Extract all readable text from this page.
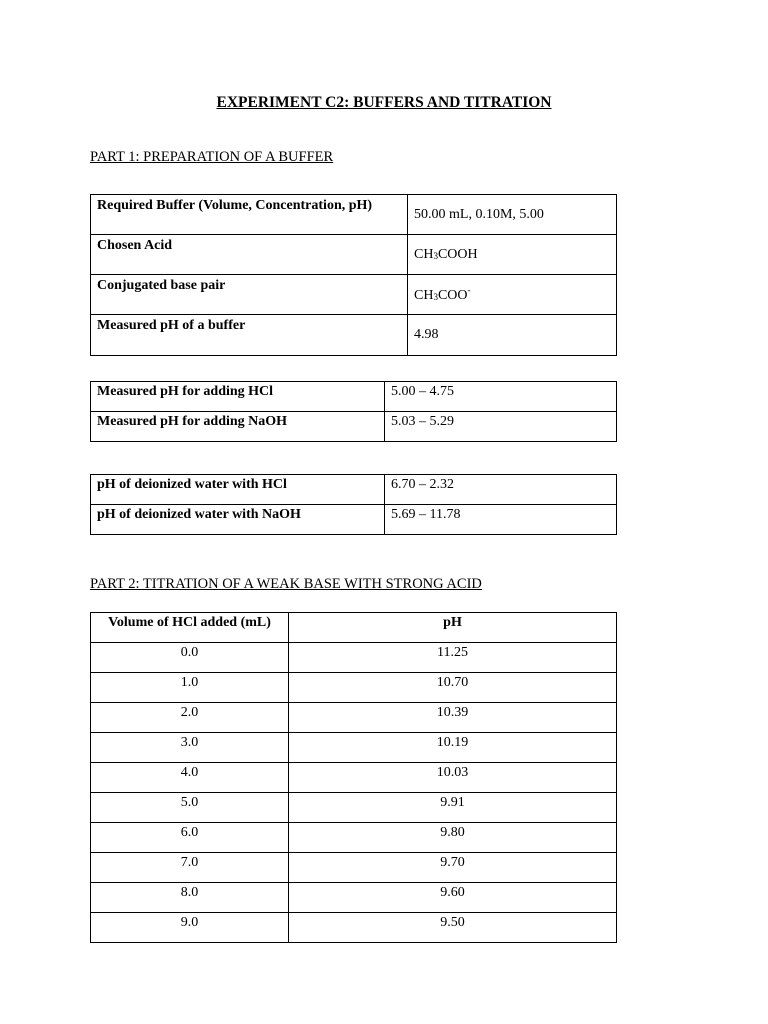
EXPERIMENT C2: BUFFERS AND TITRATION
PART 1: PREPARATION OF A BUFFER
Required Buffer (Volume, Concentration, pH)	50.00 mL, 0.10M, 5.00
Chosen Acid	$CH_3COOH$
Conjugated base pair	$CH_3COO^-$
Measured pH of a buffer	4.98
Measured pH for adding HCl	5.00 – 4.75
Measured pH for adding NaOH	5.03 – 5.29
pH of deionized water with HCl	6.70 – 2.32
pH of deionized water with NaOH	5.69 – 11.78
PART 2: TITRATION OF A WEAK BASE WITH STRONG ACID
Volume of HCl added (mL)	pH
0.0	11.25
1.0	10.70
2.0	10.39
3.0	10.19
4.0	10.03
5.0	9.91
6.0	9.80
7.0	9.70
8.0	9.60
9.0	9.50
